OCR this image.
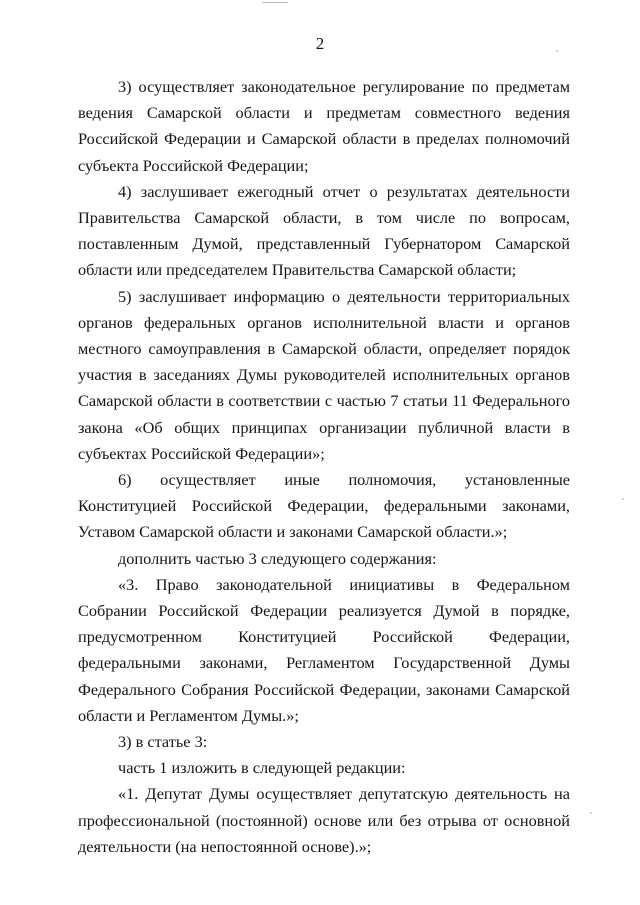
2

3) осуществляет законодательное регулирование по предметам ведения Самарской области и предметам совместного ведения Российской Федерации и Самарской области в пределах полномочий субъекта Российской Федерации;

4) заслушивает ежегодный отчет о результатах деятельности Правительства Самарской области, в том числе по вопросам, поставленным Думой, представленный Губернатором Самарской области или председателем Правительства Самарской области;

5) заслушивает информацию о деятельности территориальных органов федеральных органов исполнительной власти и органов местного самоуправления в Самарской области, определяет порядок участия в заседаниях Думы руководителей исполнительных органов Самарской области в соответствии с частью 7 статьи 11 Федерального закона «Об общих принципах организации публичной власти в субъектах Российской Федерации»;

6) осуществляет иные полномочия, установленные Конституцией Российской Федерации, федеральными законами, Уставом Самарской области и законами Самарской области.»;

дополнить частью 3 следующего содержания:

«3. Право законодательной инициативы в Федеральном Собрании Российской Федерации реализуется Думой в порядке, предусмотренном Конституцией Российской Федерации, федеральными законами, Регламентом Государственной Думы Федерального Собрания Российской Федерации, законами Самарской области и Регламентом Думы.»;

3) в статье 3:

часть 1 изложить в следующей редакции:

«1. Депутат Думы осуществляет депутатскую деятельность на профессиональной (постоянной) основе или без отрыва от основной деятельности (на непостоянной основе).»;
